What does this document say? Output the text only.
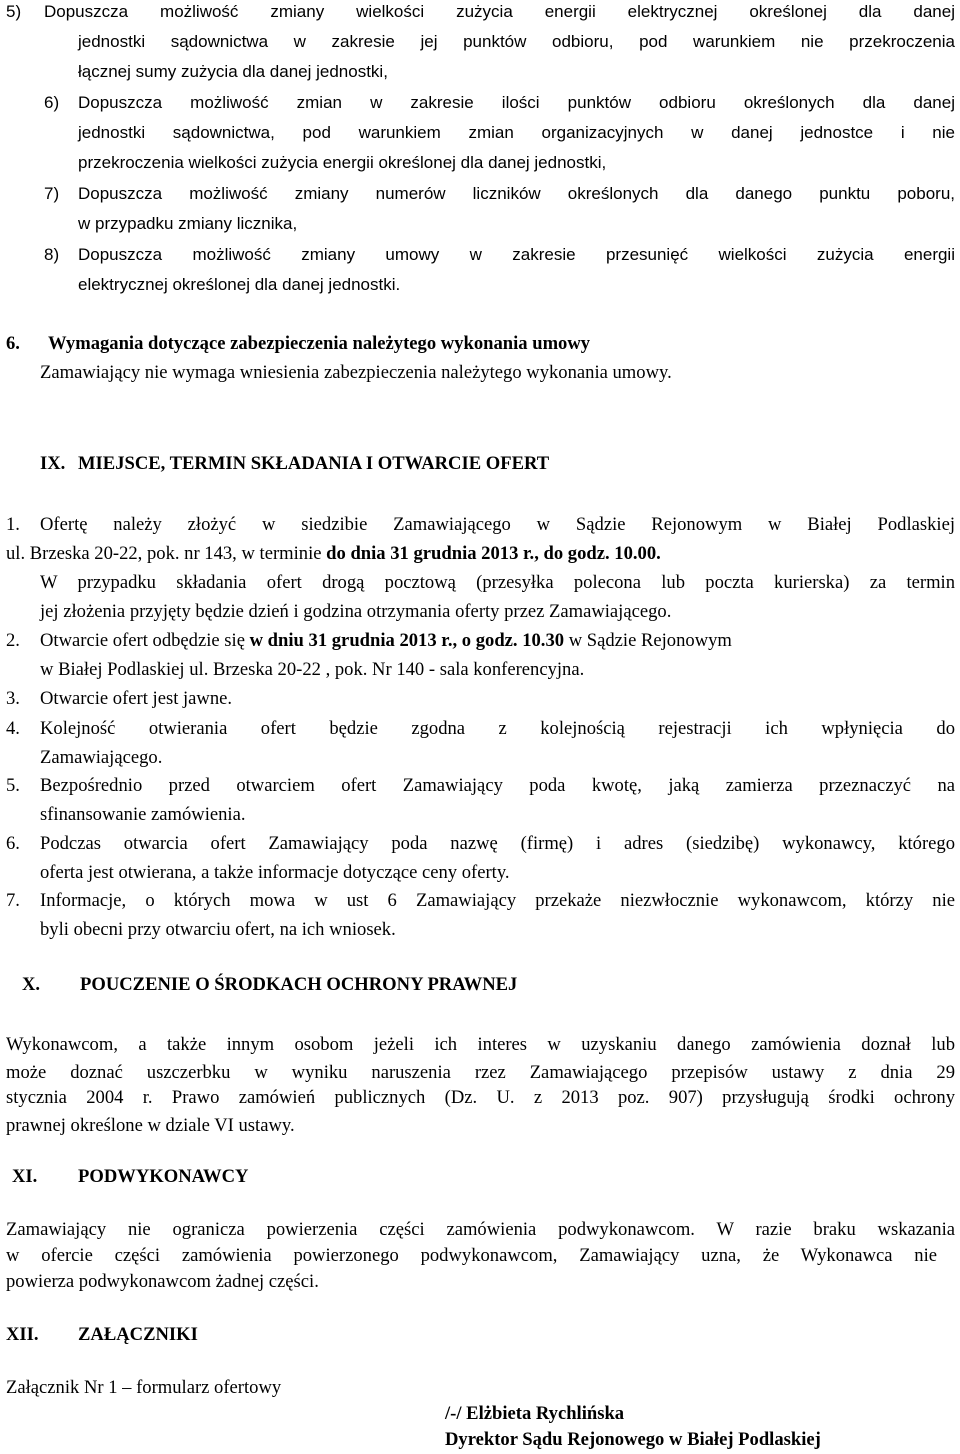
5) Dopuszcza możliwość zmiany wielkości zużycia energii elektrycznej określonej dla danej
jednostki sądownictwa w zakresie jej punktów odbioru, pod warunkiem nie przekroczenia
łącznej sumy zużycia dla danej jednostki,
6) Dopuszcza możliwość zmian w zakresie ilości punktów odbioru określonych dla danej
jednostki sądownictwa, pod warunkiem zmian organizacyjnych w danej jednostce i nie
przekroczenia wielkości zużycia energii określonej dla danej jednostki,
7) Dopuszcza możliwość zmiany numerów liczników określonych dla danego punktu poboru,
w przypadku zmiany licznika,
8) Dopuszcza możliwość zmiany umowy w zakresie przesunięć wielkości zużycia energii
elektrycznej określonej dla danej jednostki.
6. Wymagania dotyczące zabezpieczenia należytego wykonania umowy
Zamawiający nie wymaga wniesienia zabezpieczenia należytego wykonania umowy.
IX. MIEJSCE, TERMIN SKŁADANIA I OTWARCIE OFERT
1. Ofertę należy złożyć w siedzibie Zamawiającego w Sądzie Rejonowym w Białej Podlaskiej
ul. Brzeska 20-22, pok. nr 143, w terminie do dnia 31 grudnia 2013 r., do godz. 10.00.
W przypadku składania ofert drogą pocztową (przesyłka polecona lub poczta kurierska) za termin
jej złożenia przyjęty będzie dzień i godzina otrzymania oferty przez Zamawiającego.
2. Otwarcie ofert odbędzie się w dniu 31 grudnia 2013 r., o godz. 10.30 w Sądzie Rejonowym
w Białej Podlaskiej ul. Brzeska 20-22 , pok. Nr 140 - sala konferencyjna.
3. Otwarcie ofert jest jawne.
4. Kolejność otwierania ofert będzie zgodna z kolejnością rejestracji ich wpłynięcia do
Zamawiającego.
5. Bezpośrednio przed otwarciem ofert Zamawiający poda kwotę, jaką zamierza przeznaczyć na
sfinansowanie zamówienia.
6. Podczas otwarcia ofert Zamawiający poda nazwę (firmę) i adres (siedzibę) wykonawcy, którego
oferta jest otwierana, a także informacje dotyczące ceny oferty.
7. Informacje, o których mowa w ust 6 Zamawiający przekaże niezwłocznie wykonawcom, którzy nie
byli obecni przy otwarciu ofert, na ich wniosek.
X. POUCZENIE O ŚRODKACH OCHRONY PRAWNEJ
Wykonawcom, a także innym osobom jeżeli ich interes w uzyskaniu danego zamówienia doznał lub
może doznać uszczerbku w wyniku naruszenia rzez Zamawiającego przepisów ustawy z dnia 29
stycznia 2004 r. Prawo zamówień publicznych (Dz. U. z 2013 poz. 907) przysługują środki ochrony
prawnej określone w dziale VI ustawy.
XI. PODWYKONAWCY
Zamawiający nie ogranicza powierzenia części zamówienia podwykonawcom. W razie braku wskazania
w ofercie części zamówienia powierzonego podwykonawcom, Zamawiający uzna, że Wykonawca nie
powierza podwykonawcom żadnej części.
XII. ZAŁĄCZNIKI
Załącznik Nr 1 – formularz ofertowy
/-/ Elżbieta Rychlińska
Dyrektor Sądu Rejonowego w Białej Podlaskiej
